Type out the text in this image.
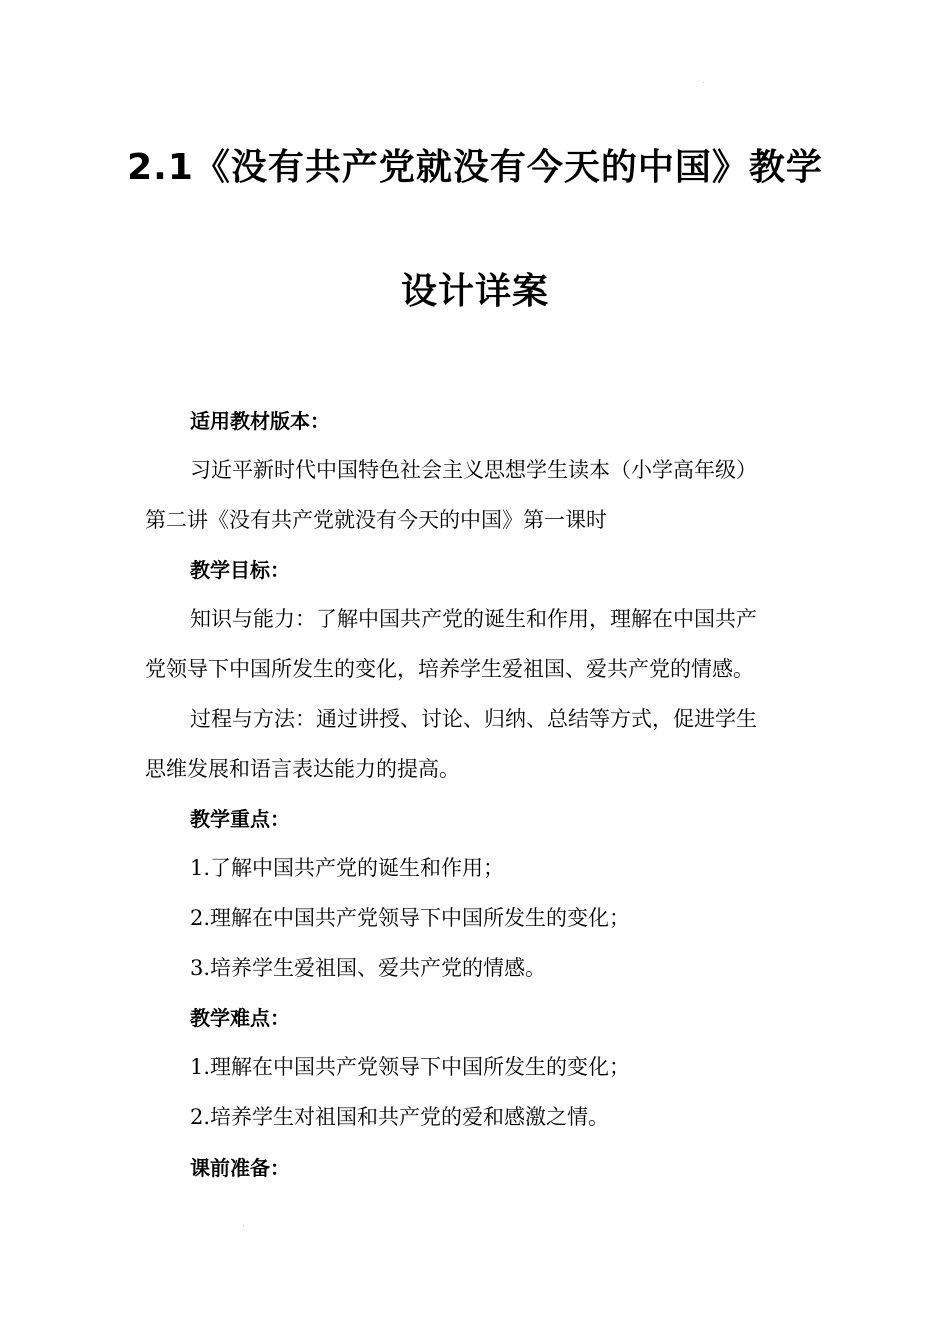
2.1《没有共产党就没有今天的中国》教学
设计详案
适用教材版本：
习近平新时代中国特色社会主义思想学生读本（小学高年级）
第二讲《没有共产党就没有今天的中国》第一课时
教学目标：
知识与能力：了解中国共产党的诞生和作用，理解在中国共产
党领导下中国所发生的变化，培养学生爱祖国、爱共产党的情感。
过程与方法：通过讲授、讨论、归纳、总结等方式，促进学生
思维发展和语言表达能力的提高。
教学重点：
1.了解中国共产党的诞生和作用；
2.理解在中国共产党领导下中国所发生的变化；
3.培养学生爱祖国、爱共产党的情感。
教学难点：
1.理解在中国共产党领导下中国所发生的变化；
2.培养学生对祖国和共产党的爱和感激之情。
课前准备：
